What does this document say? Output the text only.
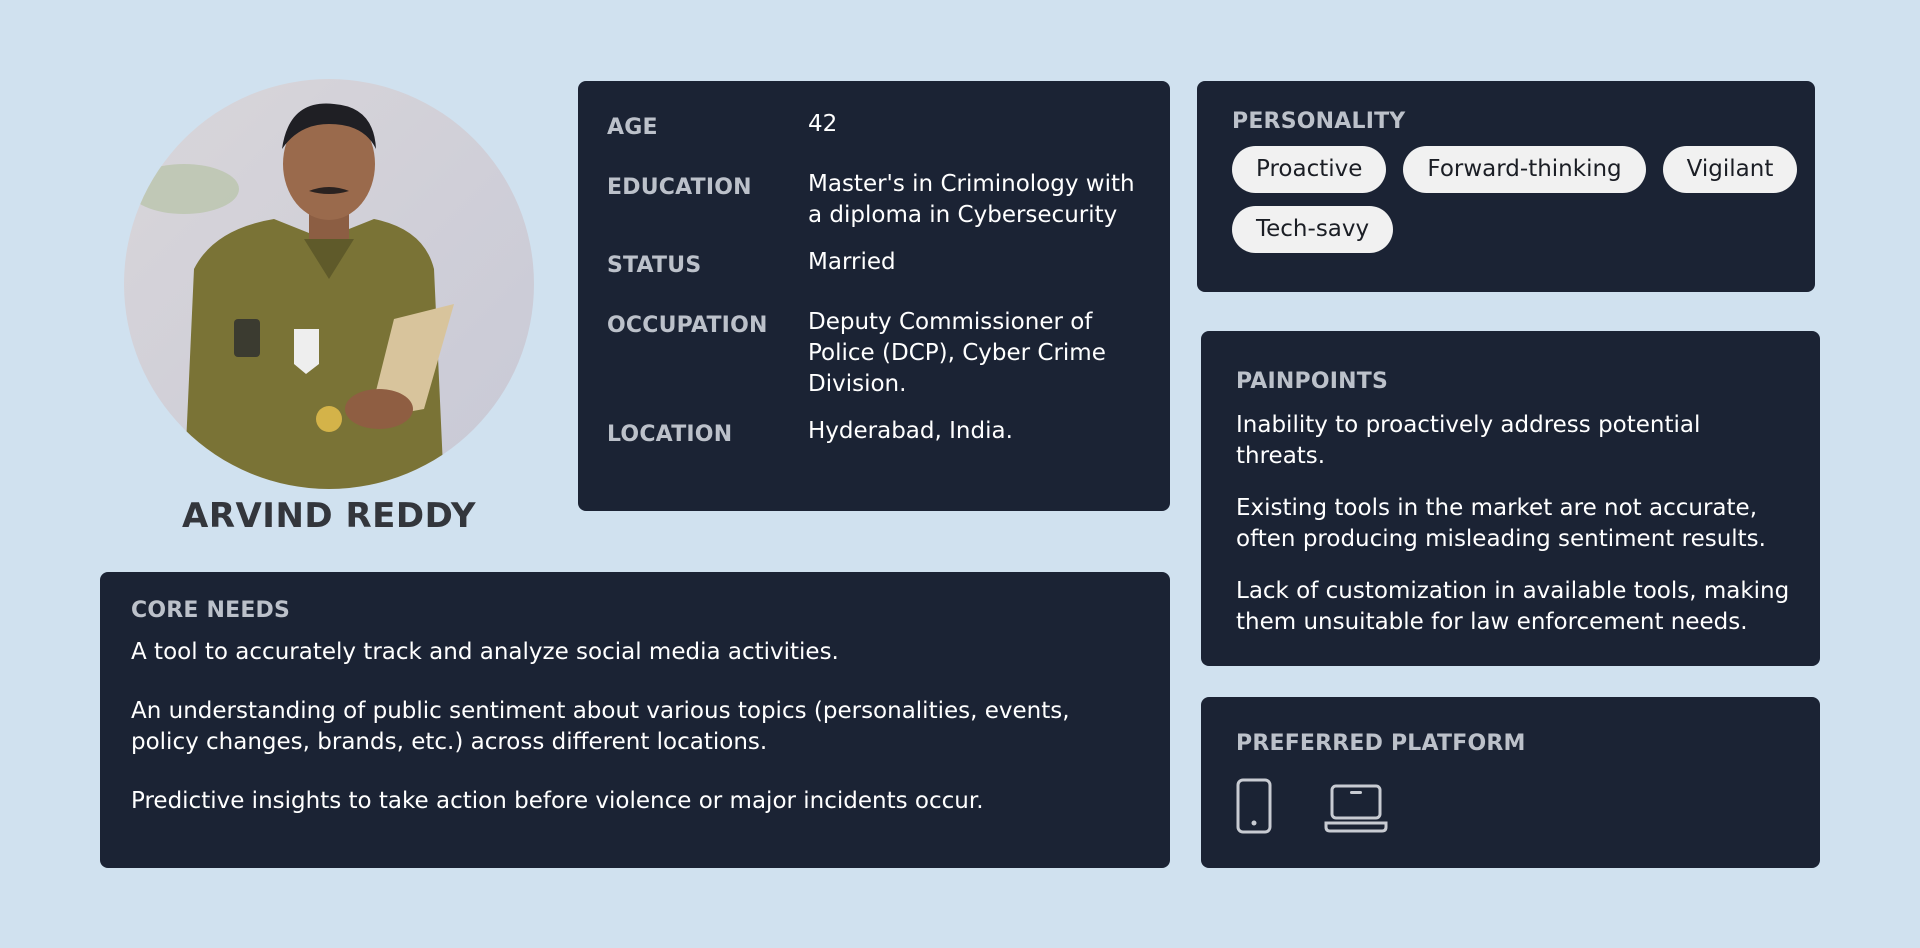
ARVIND REDDY
AGE	42
EDUCATION Master's in Criminology with a diploma in Cybersecurity
STATUS	Married
OCCUPATION Deputy Commissioner of Police (DCP), Cyber Crime Division.
LOCATION	Hyderabad, India.
PERSONALITY
Proactive	Forward-thinking	Vigilant
Tech-savy
PAINPOINTS

Inability to proactively address potential threats.

Existing tools in the market are not accurate, often producing misleading sentiment results.

Lack of customization in available tools, making them unsuitable for law enforcement needs.

CORE NEEDS

A tool to accurately track and analyze social media activities.

An understanding of public sentiment about various topics (personalities, events, policy changes, brands, etc.) across different locations.

Predictive insights to take action before violence or major incidents occur.

PREFERRED PLATFORM
